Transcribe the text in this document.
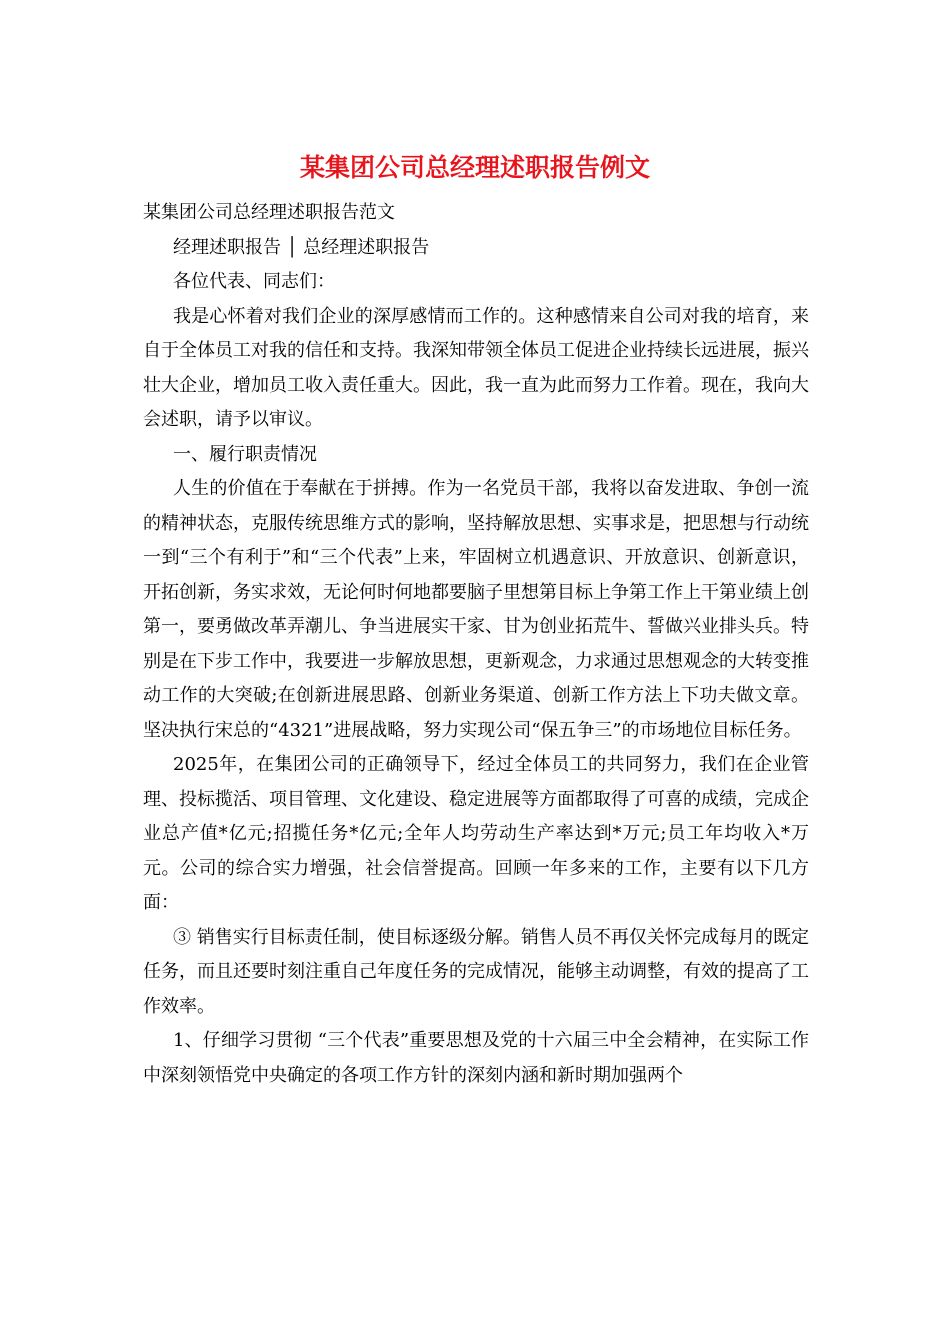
某集团公司总经理述职报告例文

某集团公司总经理述职报告范文

经理述职报告 │ 总经理述职报告

各位代表、同志们：

我是心怀着对我们企业的深厚感情而工作的。这种感情来自公司对我的培育，来自于全体员工对我的信任和支持。我深知带领全体员工促进企业持续长远进展，振兴壮大企业，增加员工收入责任重大。因此，我一直为此而努力工作着。现在，我向大会述职，请予以审议。

一、履行职责情况

人生的价值在于奉献在于拼搏。作为一名党员干部，我将以奋发进取、争创一流的精神状态，克服传统思维方式的影响，坚持解放思想、实事求是，把思想与行动统一到“三个有利于”和“三个代表”上来，牢固树立机遇意识、开放意识、创新意识，开拓创新，务实求效，无论何时何地都要脑子里想第目标上争第工作上干第业绩上创第一，要勇做改革弄潮儿、争当进展实干家、甘为创业拓荒牛、誓做兴业排头兵。特别是在下步工作中，我要进一步解放思想，更新观念，力求通过思想观念的大转变推动工作的大突破;在创新进展思路、创新业务渠道、创新工作方法上下功夫做文章。坚决执行宋总的“4321”进展战略，努力实现公司“保五争三”的市场地位目标任务。

2025年，在集团公司的正确领导下，经过全体员工的共同努力，我们在企业管理、投标揽活、项目管理、文化建设、稳定进展等方面都取得了可喜的成绩，完成企业总产值*亿元;招揽任务*亿元;全年人均劳动生产率达到*万元;员工年均收入*万元。公司的综合实力增强，社会信誉提高。回顾一年多来的工作，主要有以下几方面：

③ 销售实行目标责任制，使目标逐级分解。销售人员不再仅关怀完成每月的既定任务，而且还要时刻注重自己年度任务的完成情况，能够主动调整，有效的提高了工作效率。

1、仔细学习贯彻 “三个代表”重要思想及党的十六届三中全会精神，在实际工作中深刻领悟党中央确定的各项工作方针的深刻内涵和新时期加强两个
